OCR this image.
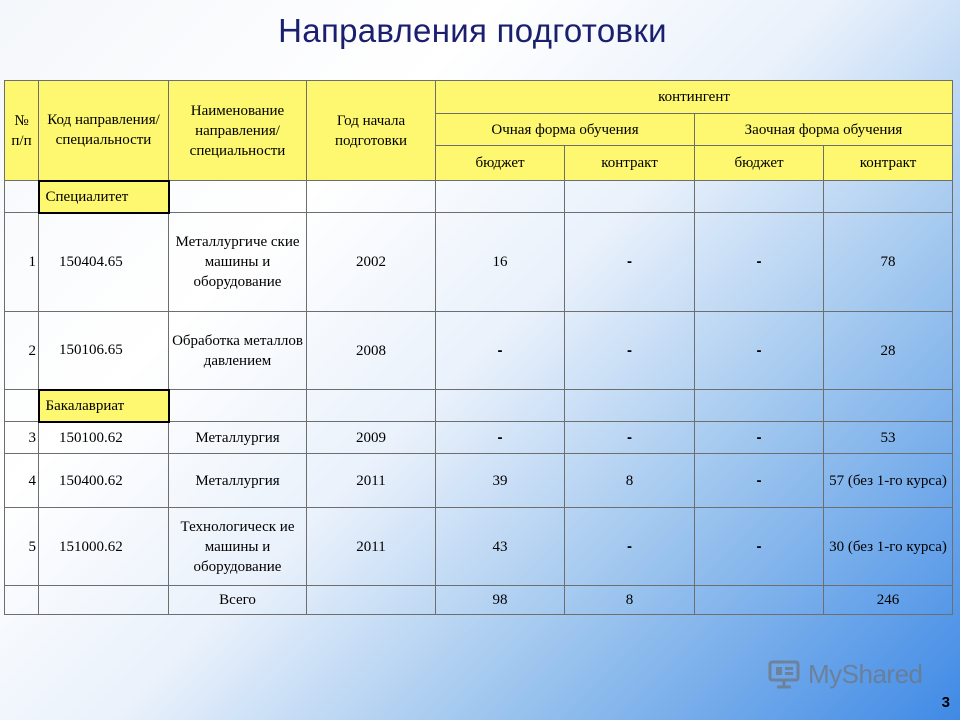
Направления подготовки
№ п/п	Код направления/ специальности	Наименование направления/ специальности	Год начала подготовки	контингент			
				Очная форма обучения		Заочная форма обучения	
				бюджет	контракт	бюджет	контракт
	Специалитет						
1	150404.65	Металлургиче ские машины и оборудование	2002	16	-	-	78
2	150106.65	Обработка металлов давлением	2008	-	-	-	28
	Бакалавриат						
3	150100.62	Металлургия	2009	-	-	-	53
4	150400.62	Металлургия	2011	39	8	-	57 (без 1-го курса)
5	151000.62	Технологическ ие машины и оборудование	2011	43	-	-	30 (без 1-го курса)
		Всего		98	8		246
MyShared
3
